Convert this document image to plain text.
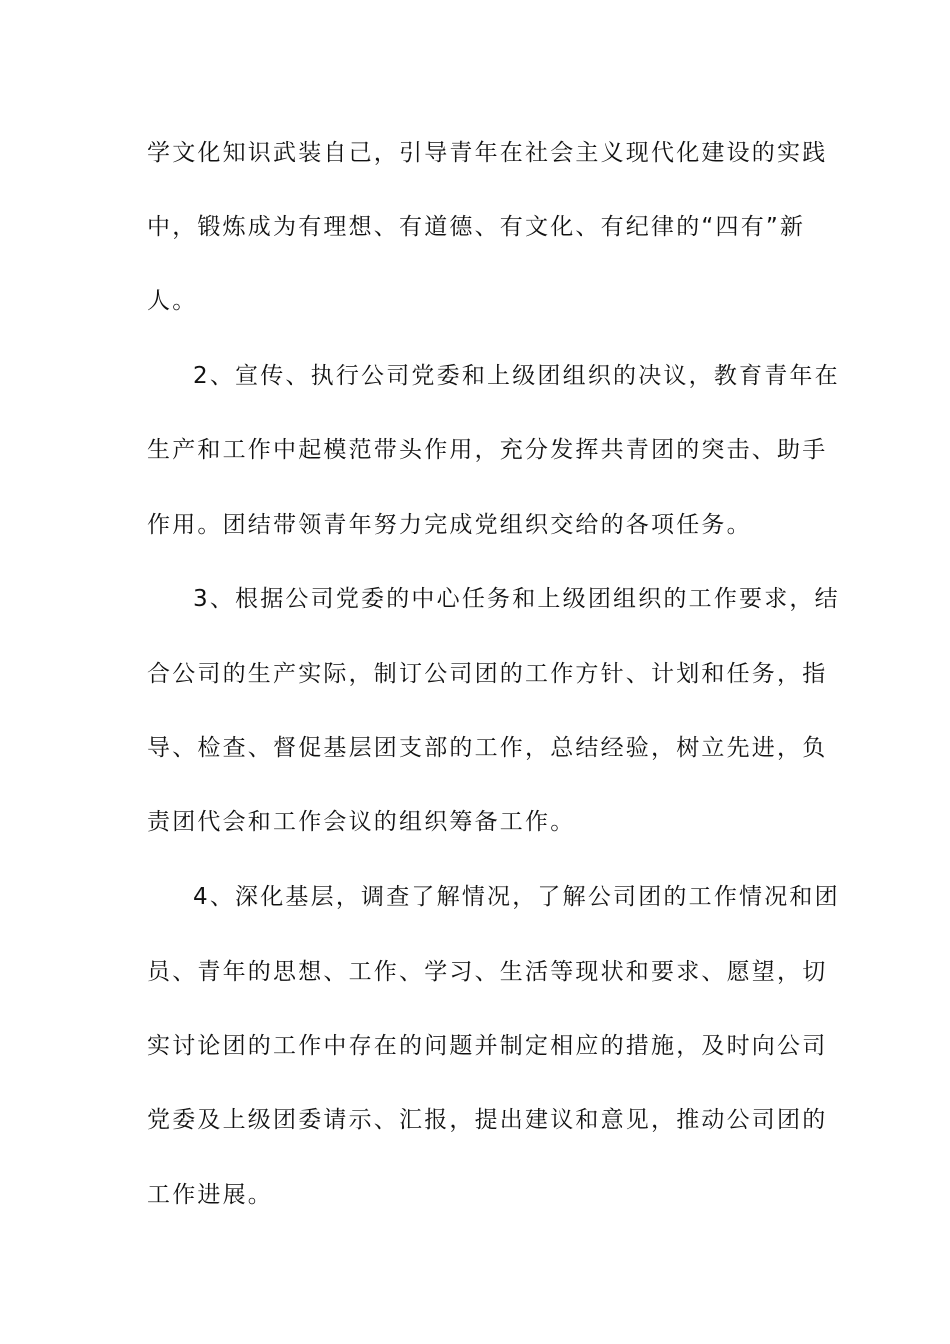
学文化知识武装自己，引导青年在社会主义现代化建设的实践
中，锻炼成为有理想、有道德、有文化、有纪律的“四有”新
人。
2、宣传、执行公司党委和上级团组织的决议，教育青年在
生产和工作中起模范带头作用，充分发挥共青团的突击、助手
作用。团结带领青年努力完成党组织交给的各项任务。
3、根据公司党委的中心任务和上级团组织的工作要求，结
合公司的生产实际，制订公司团的工作方针、计划和任务，指
导、检查、督促基层团支部的工作，总结经验，树立先进，负
责团代会和工作会议的组织筹备工作。
4、深化基层，调查了解情况，了解公司团的工作情况和团
员、青年的思想、工作、学习、生活等现状和要求、愿望，切
实讨论团的工作中存在的问题并制定相应的措施，及时向公司
党委及上级团委请示、汇报，提出建议和意见，推动公司团的
工作进展。
